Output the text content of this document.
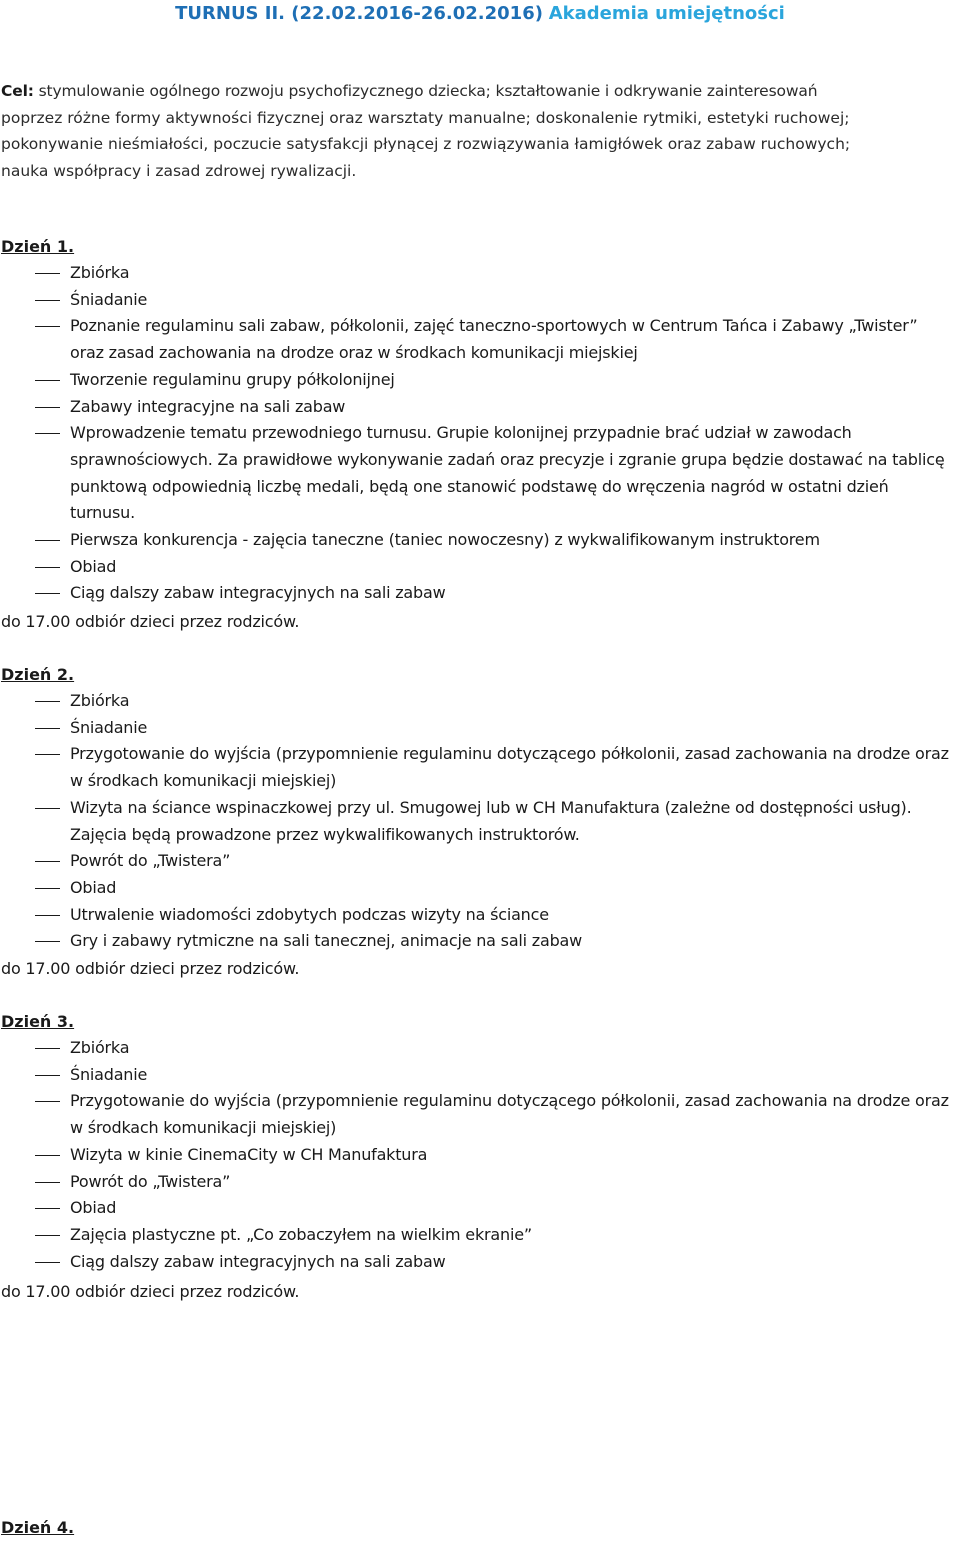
TURNUS II. (22.02.2016-26.02.2016) Akademia umiejętności
Cel: stymulowanie ogólnego rozwoju psychofizycznego dziecka; kształtowanie i odkrywanie zainteresowań
poprzez różne formy aktywności fizycznej oraz warsztaty manualne; doskonalenie rytmiki, estetyki ruchowej;
pokonywanie nieśmiałości, poczucie satysfakcji płynącej z rozwiązywania łamigłówek oraz zabaw ruchowych;
nauka współpracy i zasad zdrowej rywalizacji.
Dzień 1.
Zbiórka
Śniadanie
Poznanie regulaminu sali zabaw, półkolonii, zajęć taneczno-sportowych w Centrum Tańca i Zabawy „Twister” oraz zasad zachowania na drodze oraz w środkach komunikacji miejskiej
Tworzenie regulaminu grupy półkolonijnej
Zabawy integracyjne na sali zabaw
Wprowadzenie tematu przewodniego turnusu. Grupie kolonijnej przypadnie brać udział w zawodach sprawnościowych. Za prawidłowe wykonywanie zadań oraz precyzje i zgranie grupa będzie dostawać na tablicę punktową odpowiednią liczbę medali, będą one stanowić podstawę do wręczenia nagród w ostatni dzień turnusu.
Pierwsza konkurencja - zajęcia taneczne (taniec nowoczesny) z wykwalifikowanym instruktorem
Obiad
Ciąg dalszy zabaw integracyjnych na sali zabaw
do 17.00 odbiór dzieci przez rodziców.
Dzień 2.
Zbiórka
Śniadanie
Przygotowanie do wyjścia (przypomnienie regulaminu dotyczącego półkolonii, zasad zachowania na drodze oraz w środkach komunikacji miejskiej)
Wizyta na ściance wspinaczkowej przy ul. Smugowej lub w CH Manufaktura (zależne od dostępności usług). Zajęcia będą prowadzone przez wykwalifikowanych instruktorów.
Powrót do „Twistera”
Obiad
Utrwalenie wiadomości zdobytych podczas wizyty na ściance
Gry i zabawy rytmiczne na sali tanecznej, animacje na sali zabaw
do 17.00 odbiór dzieci przez rodziców.
Dzień 3.
Zbiórka
Śniadanie
Przygotowanie do wyjścia (przypomnienie regulaminu dotyczącego półkolonii, zasad zachowania na drodze oraz w środkach komunikacji miejskiej)
Wizyta w kinie CinemaCity w CH Manufaktura
Powrót do „Twistera”
Obiad
Zajęcia plastyczne pt. „Co zobaczyłem na wielkim ekranie”
Ciąg dalszy zabaw integracyjnych na sali zabaw
do 17.00 odbiór dzieci przez rodziców.
Dzień 4.
